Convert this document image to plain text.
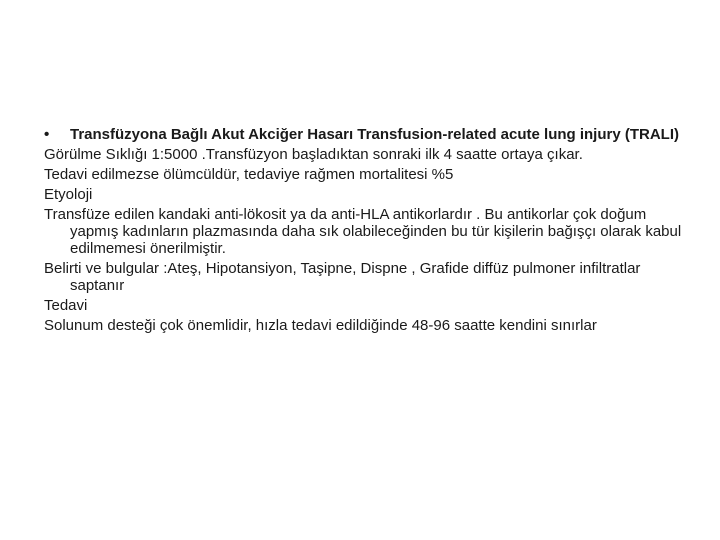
•	Transfüzyona Bağlı Akut Akciğer Hasarı Transfusion-related acute lung injury (TRALI)

Görülme Sıklığı 1:5000 .Transfüzyon başladıktan sonraki ilk 4 saatte ortaya çıkar.

Tedavi edilmezse ölümcüldür, tedaviye rağmen mortalitesi %5

Etyoloji

Transfüze edilen kandaki anti-lökosit ya da anti-HLA antikorlardır . Bu antikorlar çok doğum yapmış kadınların plazmasında daha sık olabileceğinden bu tür kişilerin bağışçı olarak kabul edilmemesi önerilmiştir.

Belirti ve bulgular :Ateş, Hipotansiyon, Taşipne, Dispne , Grafide diffüz pulmoner infiltratlar saptanır

Tedavi

Solunum desteği çok önemlidir, hızla tedavi edildiğinde 48-96 saatte kendini sınırlar
